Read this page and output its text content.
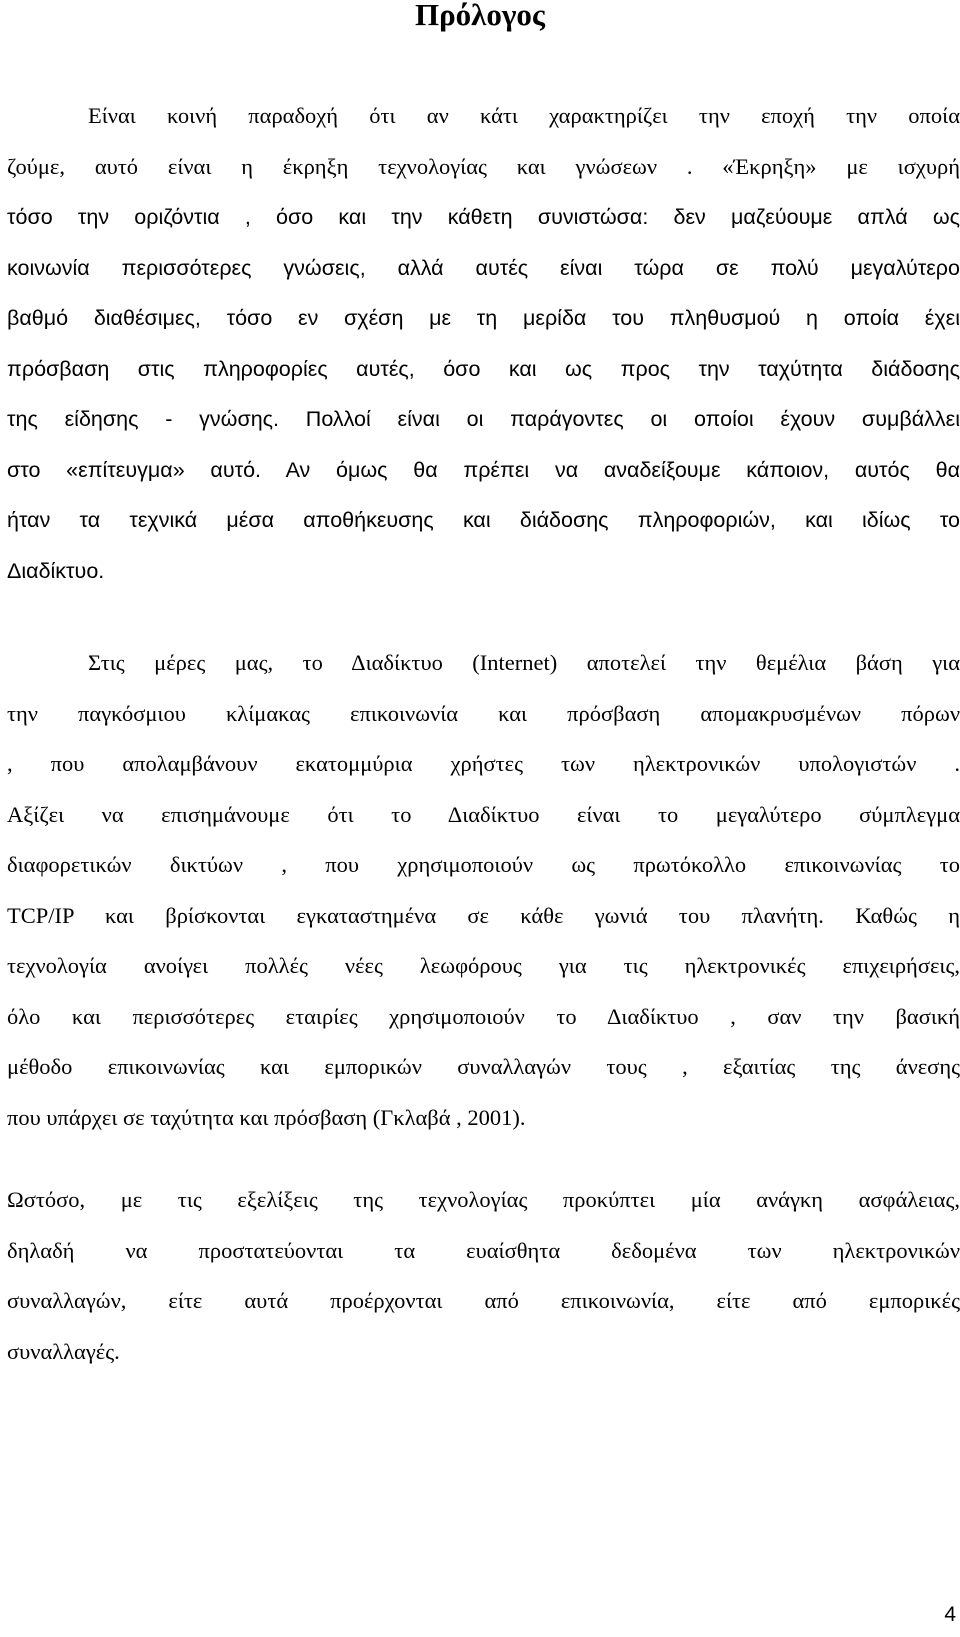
Πρόλογος
Είναι κοινή παραδοχή ότι αν κάτι χαρακτηρίζει την εποχή την οποία
ζούμε, αυτό είναι η έκρηξη τεχνολογίας και γνώσεων . «Έκρηξη» με ισχυρή
τόσο την οριζόντια , όσο και την κάθετη συνιστώσα: δεν μαζεύουμε απλά ως
κοινωνία περισσότερες γνώσεις, αλλά αυτές είναι τώρα σε πολύ μεγαλύτερο
βαθμό διαθέσιμες, τόσο εν σχέση με τη μερίδα του πληθυσμού η οποία έχει
πρόσβαση στις πληροφορίες αυτές, όσο και ως προς την ταχύτητα διάδοσης
της είδησης - γνώσης. Πολλοί είναι οι παράγοντες οι οποίοι έχουν συμβάλλει
στο «επίτευγμα» αυτό. Αν όμως θα πρέπει να αναδείξουμε κάποιον, αυτός θα
ήταν τα τεχνικά μέσα αποθήκευσης και διάδοσης πληροφοριών, και ιδίως το
Διαδίκτυο.
Στις μέρες μας, το Διαδίκτυο (Internet) αποτελεί την θεμέλια βάση για
την παγκόσμιου κλίμακας επικοινωνία και πρόσβαση απομακρυσμένων πόρων
, που απολαμβάνουν εκατομμύρια χρήστες των ηλεκτρονικών υπολογιστών .
Αξίζει να επισημάνουμε ότι το Διαδίκτυο είναι το μεγαλύτερο σύμπλεγμα
διαφορετικών δικτύων , που χρησιμοποιούν ως πρωτόκολλο επικοινωνίας το
TCP/IP και βρίσκονται εγκαταστημένα σε κάθε γωνιά του πλανήτη. Καθώς η
τεχνολογία ανοίγει πολλές νέες λεωφόρους για τις ηλεκτρονικές επιχειρήσεις,
όλο και περισσότερες εταιρίες χρησιμοποιούν το Διαδίκτυο , σαν την βασική
μέθοδο επικοινωνίας και εμπορικών συναλλαγών τους , εξαιτίας της άνεσης
που υπάρχει σε ταχύτητα και πρόσβαση (Γκλαβά , 2001).
Ωστόσο, με τις εξελίξεις της τεχνολογίας προκύπτει μία ανάγκη ασφάλειας,
δηλαδή να προστατεύονται τα ευαίσθητα δεδομένα των ηλεκτρονικών
συναλλαγών, είτε αυτά προέρχονται από επικοινωνία, είτε από εμπορικές
συναλλαγές.

4
